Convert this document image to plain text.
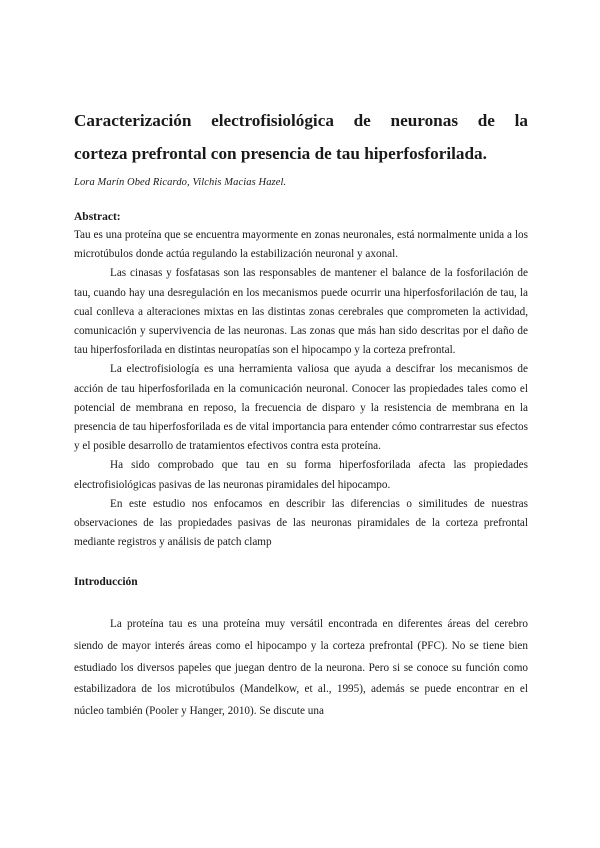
Caracterización electrofisiológica de neuronas de la
corteza prefrontal con presencia de tau hiperfosforilada.
Lora Marín Obed Ricardo, Vilchis Macias Hazel.
Abstract:

Tau es una proteína que se encuentra mayormente en zonas neuronales, está normalmente unida a los microtúbulos donde actúa regulando la estabilización neuronal y axonal.

Las cinasas y fosfatasas son las responsables de mantener el balance de la fosforilación de tau, cuando hay una desregulación en los mecanismos puede ocurrir una hiperfosforilación de tau, la cual conlleva a alteraciones mixtas en las distintas zonas cerebrales que comprometen la actividad, comunicación y supervivencia de las neuronas. Las zonas que más han sido descritas por el daño de tau hiperfosforilada en distintas neuropatías son el hipocampo y la corteza prefrontal.

La electrofisiología es una herramienta valiosa que ayuda a descifrar los mecanismos de acción de tau hiperfosforilada en la comunicación neuronal. Conocer las propiedades tales como el potencial de membrana en reposo, la frecuencia de disparo y la resistencia de membrana en la presencia de tau hiperfosforilada es de vital importancia para entender cómo contrarrestar sus efectos y el posible desarrollo de tratamientos efectivos contra esta proteína.

Ha sido comprobado que tau en su forma hiperfosforilada afecta las propiedades electrofisiológicas pasivas de las neuronas piramidales del hipocampo.

En este estudio nos enfocamos en describir las diferencias o similitudes de nuestras observaciones de las propiedades pasivas de las neuronas piramidales de la corteza prefrontal mediante registros y análisis de patch clamp

Introducción

La proteína tau es una proteína muy versátil encontrada en diferentes áreas del cerebro siendo de mayor interés áreas como el hipocampo y la corteza prefrontal (PFC). No se tiene bien estudiado los diversos papeles que juegan dentro de la neurona. Pero si se conoce su función como estabilizadora de los microtúbulos (Mandelkow, et al., 1995), además se puede encontrar en el núcleo también (Pooler y Hanger, 2010). Se discute una
